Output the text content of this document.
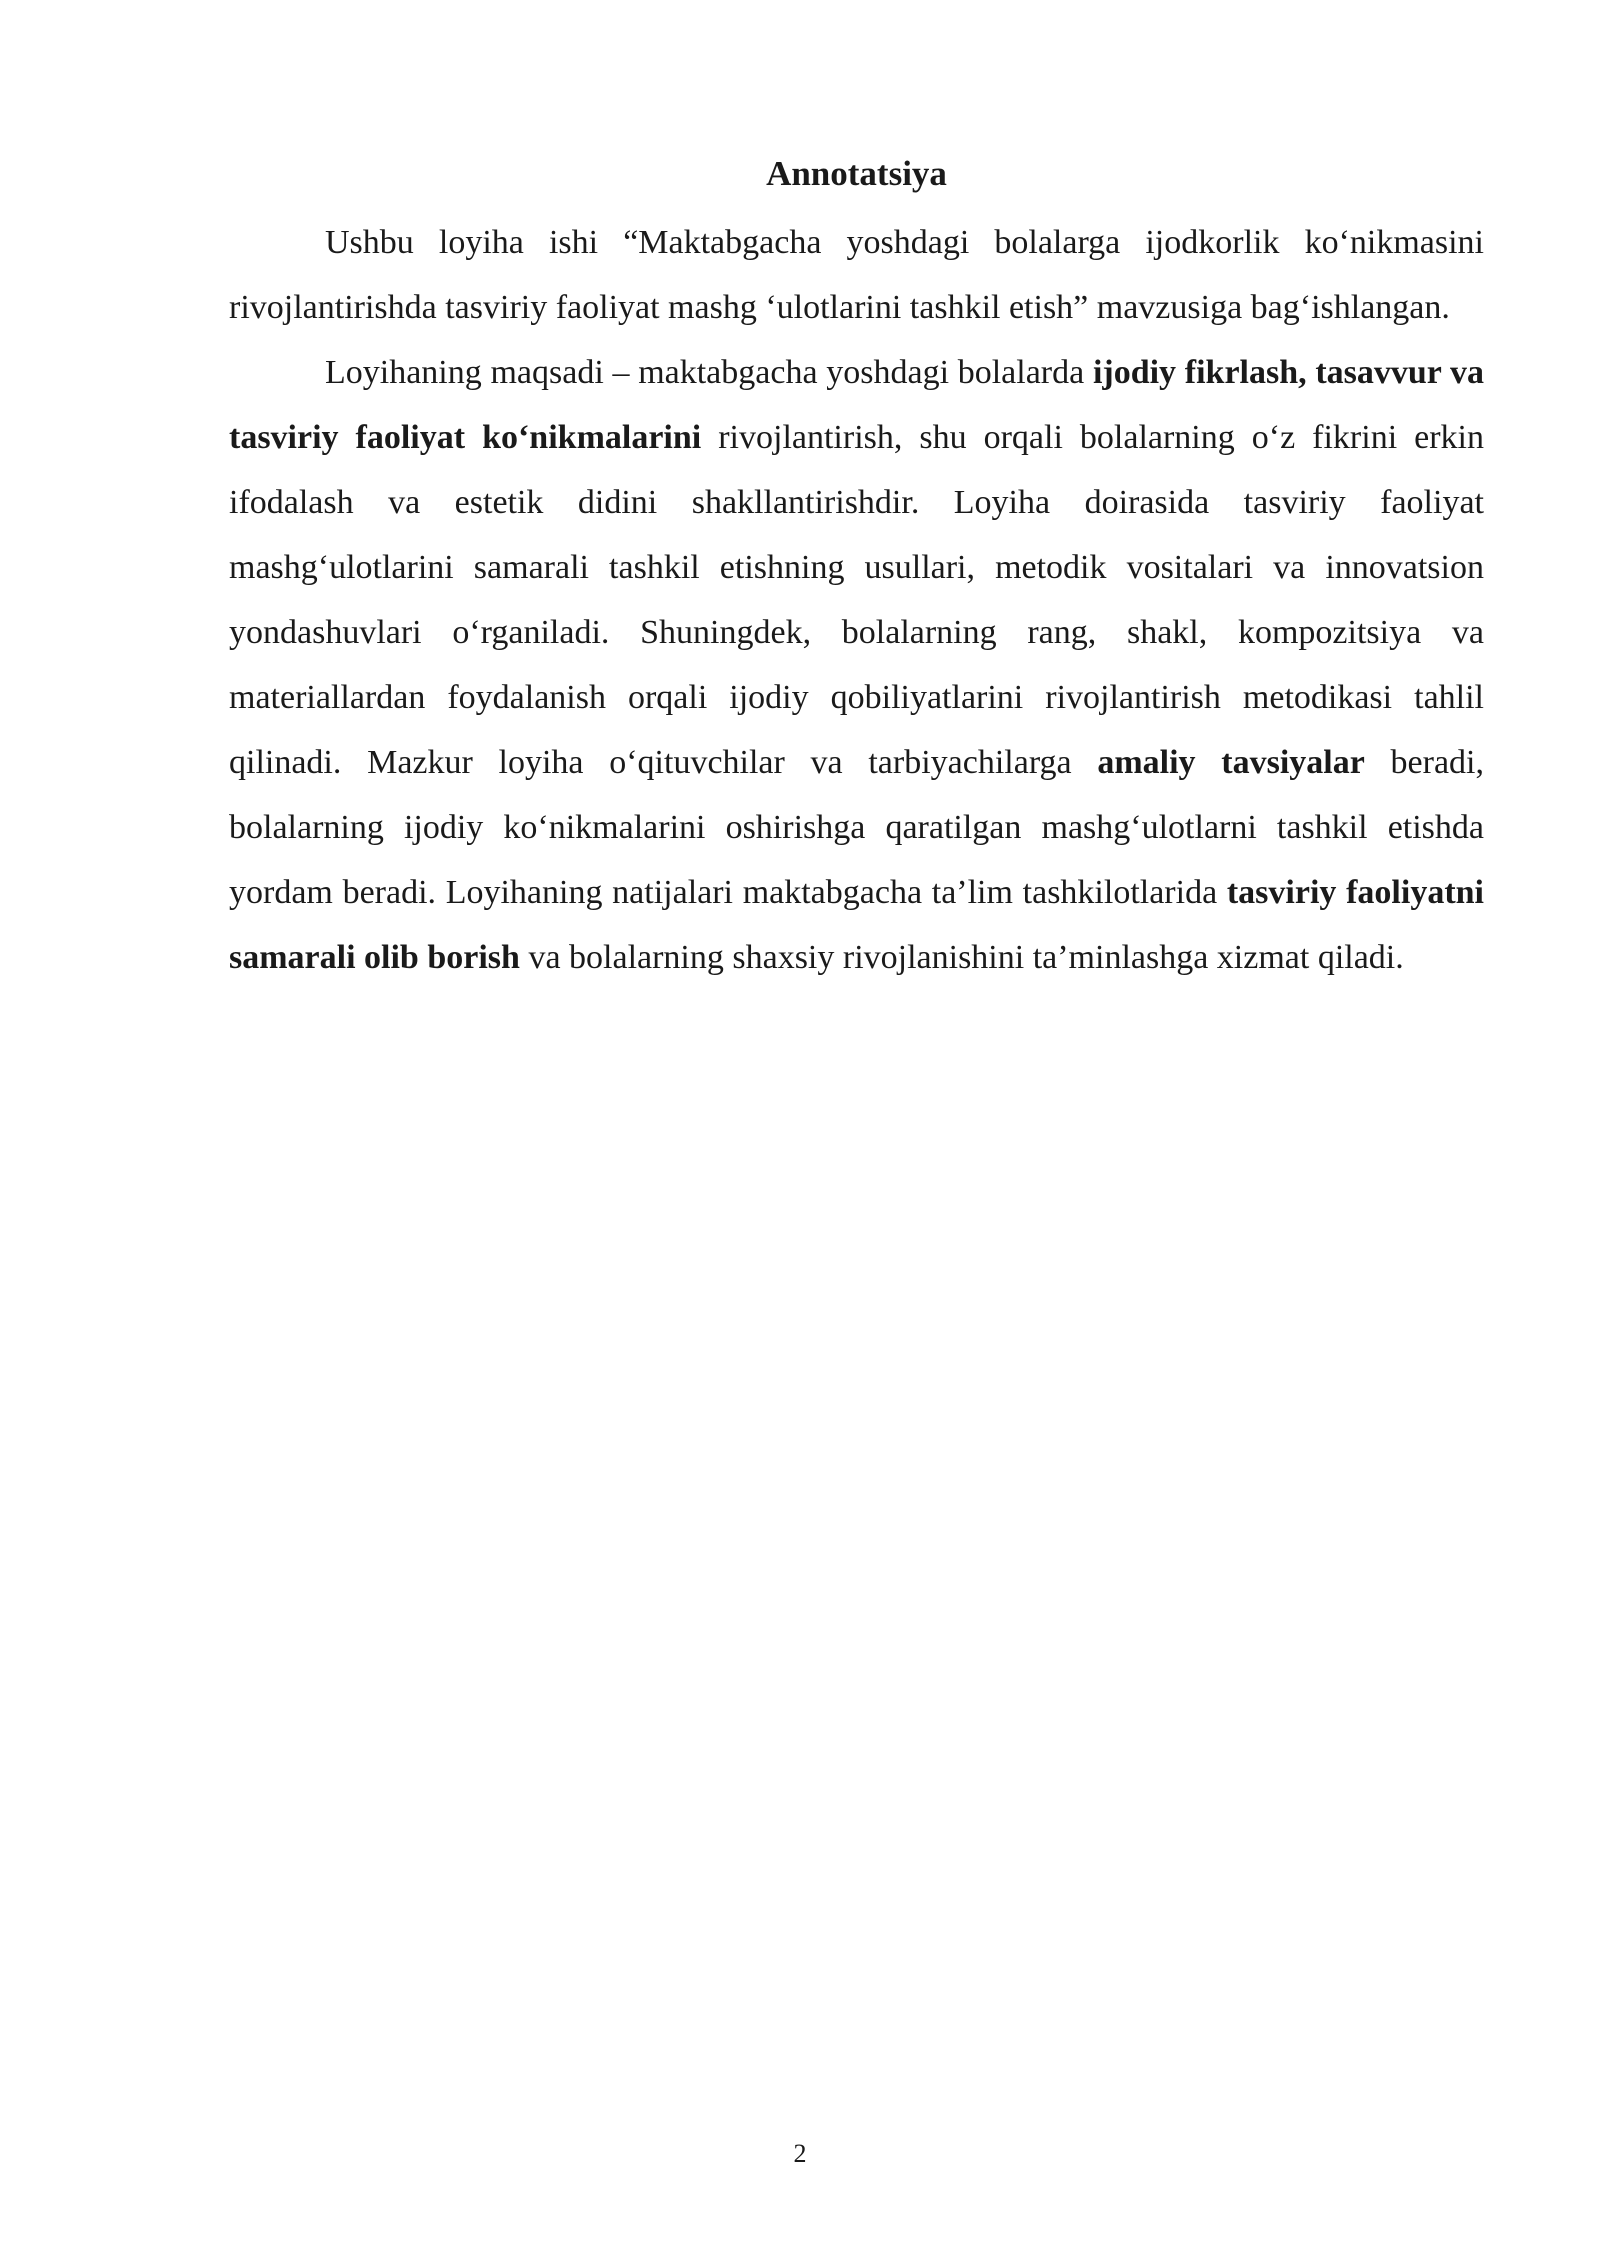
Annotatsiya

Ushbu loyiha ishi “Maktabgacha yoshdagi bolalarga ijodkorlik koʻnikmasini rivojlantirishda tasviriy faoliyat mashg ʻulotlarini tashkil etish” mavzusiga bagʻishlangan.

Loyihaning maqsadi – maktabgacha yoshdagi bolalarda ijodiy fikrlash, tasavvur va tasviriy faoliyat koʻnikmalarini rivojlantirish, shu orqali bolalarning oʻz fikrini erkin ifodalash va estetik didini shakllantirishdir. Loyiha doirasida tasviriy faoliyat mashgʻulotlarini samarali tashkil etishning usullari, metodik vositalari va innovatsion yondashuvlari oʻrganiladi. Shuningdek, bolalarning rang, shakl, kompozitsiya va materiallardan foydalanish orqali ijodiy qobiliyatlarini rivojlantirish metodikasi tahlil qilinadi. Mazkur loyiha oʻqituvchilar va tarbiyachilarga amaliy tavsiyalar beradi, bolalarning ijodiy koʻnikmalarini oshirishga qaratilgan mashgʻulotlarni tashkil etishda yordam beradi. Loyihaning natijalari maktabgacha ta’lim tashkilotlarida tasviriy faoliyatni samarali olib borish va bolalarning shaxsiy rivojlanishini ta’minlashga xizmat qiladi.

2
